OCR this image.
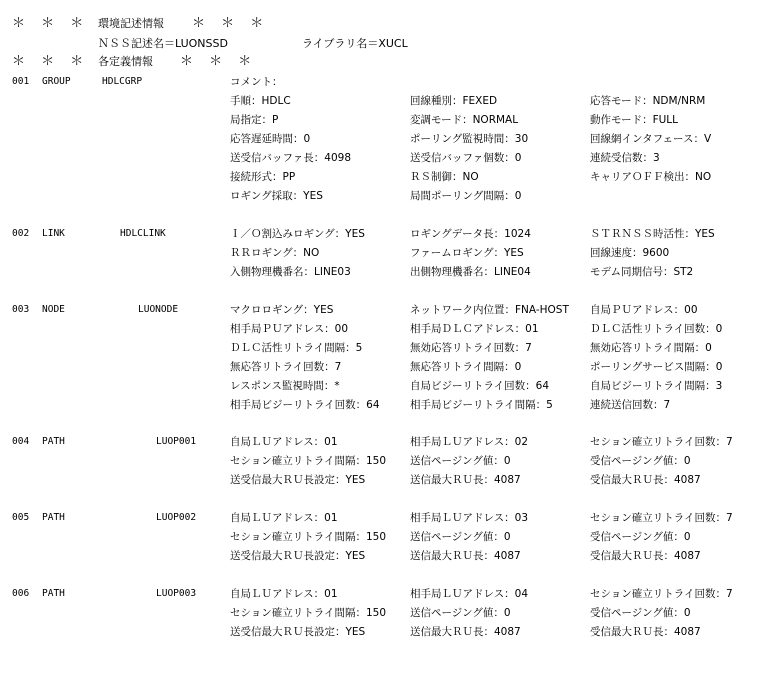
＊ ＊ ＊ 環境記述情報 ＊ ＊ ＊
ＮＳＳ記述名＝LUONSSD	ライブラリ名＝XUCL
＊ ＊ ＊ 各定義情報 ＊ ＊ ＊
001 GROUP	HDLCGRP	コメント：
手順：HDLC	回線種別：FEXED	応答モード：NDM/NRM
局指定：P	変調モード：NORMAL	動作モード：FULL
応答遅延時間：0	ポーリング監視時間：30	回線網インタフェース：V
送受信バッファ長：4098	送受信バッファ個数：0	連続受信数：3
接続形式：PP	ＲＳ制御：NO	キャリアＯＦＦ検出：NO
ロギング採取：YES	局間ポーリング間隔：0
002 LINK	HDLCLINK	Ｉ／Ｏ割込みロギング：YES	ロギングデータ長：1024	ＳＴＲＮＳＳ時活性：YES
ＲＲロギング：NO	ファームロギング：YES	回線速度：9600
入側物理機番名：LINE03	出側物理機番名：LINE04	モデム同期信号：ST2
003 NODE	LUONODE	マクロロギング：YES	ネットワーク内位置：FNA-HOST 自局ＰＵアドレス：00
相手局ＰＵアドレス：00	相手局ＤＬＣアドレス：01	ＤＬＣ活性リトライ回数：0
ＤＬＣ活性リトライ間隔：5	無効応答リトライ回数：7	無効応答リトライ間隔：0
無応答リトライ回数：7	無応答リトライ間隔：0	ポーリングサービス間隔：0
レスポンス監視時間：*	自局ビジーリトライ回数：64	自局ビジーリトライ間隔：3
相手局ビジーリトライ回数：64	相手局ビジーリトライ間隔：5	連続送信回数：7
004 PATH	LUOP001	自局ＬＵアドレス：01	相手局ＬＵアドレス：02	セション確立リトライ回数：7
セション確立リトライ間隔：150 送信ページング値：0	受信ページング値：0
送受信最大ＲＵ長設定：YES	送信最大ＲＵ長：4087	受信最大ＲＵ長：4087
005 PATH	LUOP002	自局ＬＵアドレス：01	相手局ＬＵアドレス：03	セション確立リトライ回数：7
セション確立リトライ間隔：150 送信ページング値：0	受信ページング値：0
送受信最大ＲＵ長設定：YES	送信最大ＲＵ長：4087	受信最大ＲＵ長：4087
006 PATH	LUOP003	自局ＬＵアドレス：01	相手局ＬＵアドレス：04	セション確立リトライ回数：7
セション確立リトライ間隔：150 送信ページング値：0	受信ページング値：0
送受信最大ＲＵ長設定：YES	送信最大ＲＵ長：4087	受信最大ＲＵ長：4087
